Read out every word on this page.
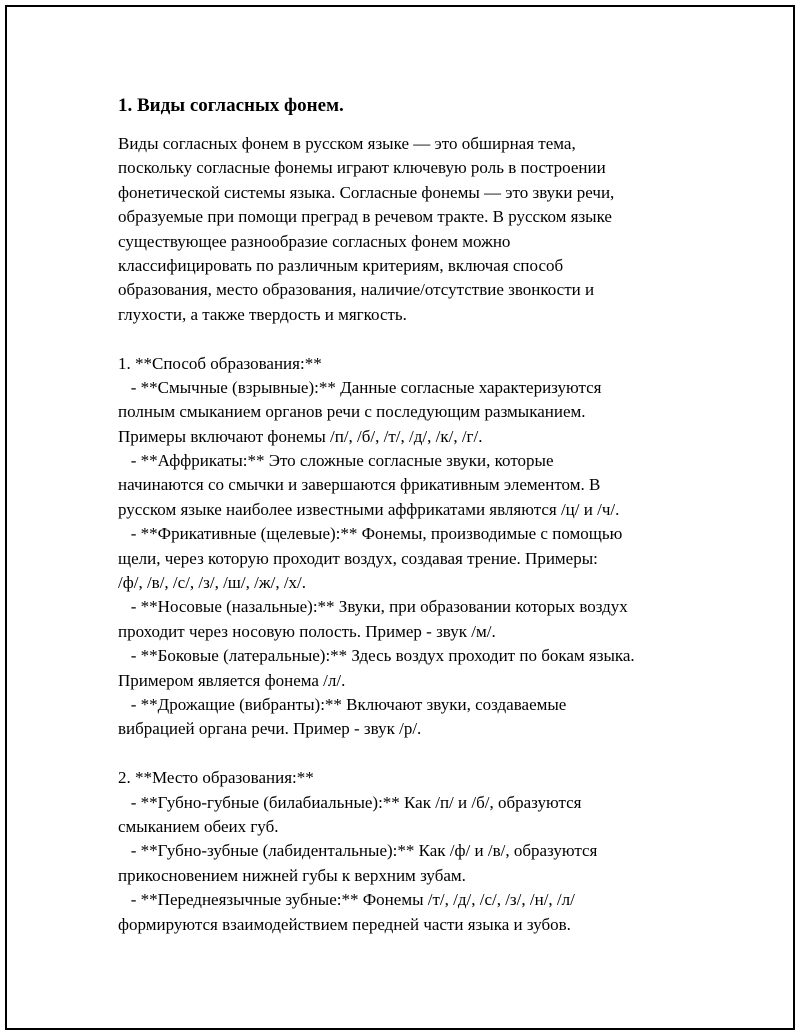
1. Виды согласных фонем.
Виды согласных фонем в русском языке — это обширная тема,
поскольку согласные фонемы играют ключевую роль в построении
фонетической системы языка. Согласные фонемы — это звуки речи,
образуемые при помощи преград в речевом тракте. В русском языке
существующее разнообразие согласных фонем можно
классифицировать по различным критериям, включая способ
образования, место образования, наличие/отсутствие звонкости и
глухости, а также твердость и мягкость.
1. **Способ образования:**
- **Смычные (взрывные):** Данные согласные характеризуются
полным смыканием органов речи с последующим размыканием.
Примеры включают фонемы /п/, /б/, /т/, /д/, /к/, /г/.
- **Аффрикаты:** Это сложные согласные звуки, которые
начинаются со смычки и завершаются фрикативным элементом. В
русском языке наиболее известными аффрикатами являются /ц/ и /ч/.
- **Фрикативные (щелевые):** Фонемы, производимые с помощью
щели, через которую проходит воздух, создавая трение. Примеры:
/ф/, /в/, /с/, /з/, /ш/, /ж/, /х/.
- **Носовые (назальные):** Звуки, при образовании которых воздух
проходит через носовую полость. Пример - звук /м/.
- **Боковые (латеральные):** Здесь воздух проходит по бокам языка.
Примером является фонема /л/.
- **Дрожащие (вибранты):** Включают звуки, создаваемые
вибрацией органа речи. Пример - звук /р/.
2. **Место образования:**
- **Губно-губные (билабиальные):** Как /п/ и /б/, образуются
смыканием обеих губ.
- **Губно-зубные (лабидентальные):** Как /ф/ и /в/, образуются
прикосновением нижней губы к верхним зубам.
- **Переднеязычные зубные:** Фонемы /т/, /д/, /с/, /з/, /н/, /л/
формируются взаимодействием передней части языка и зубов.
